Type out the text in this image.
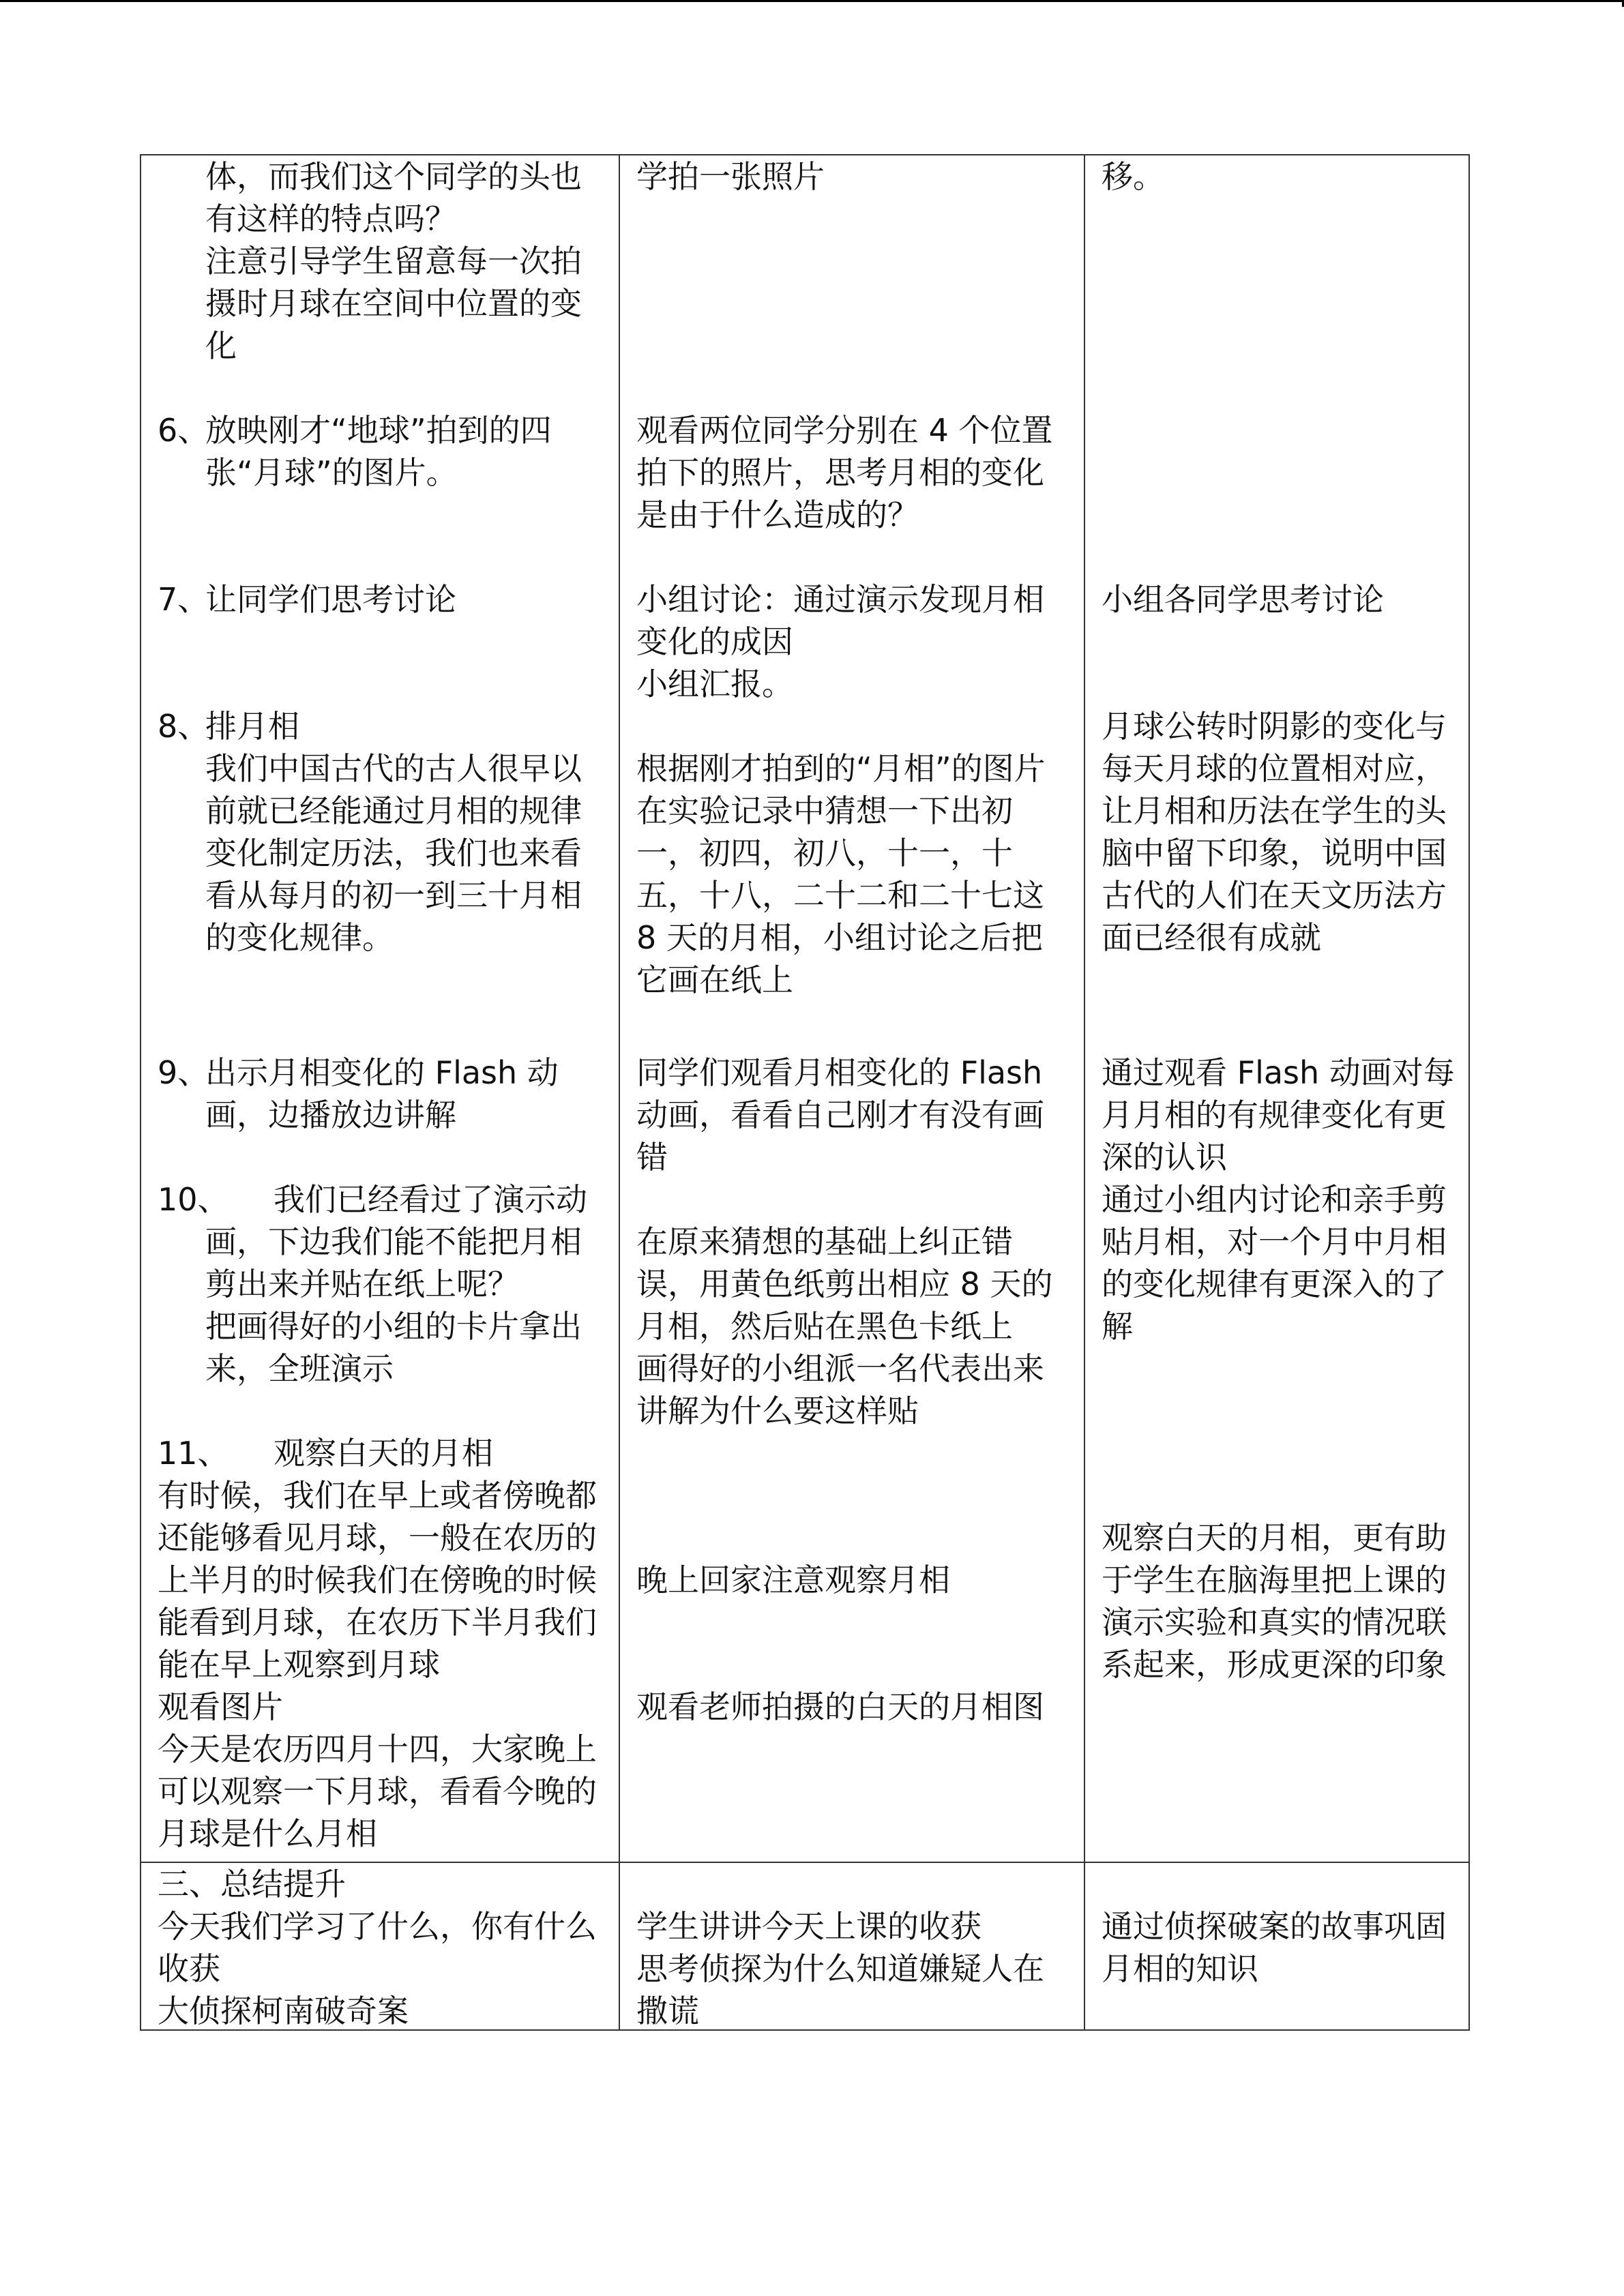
体，而我们这个同学的头也有这样的特点吗？

注意引导学生留意每一次拍摄时月球在空间中位置的变化

6、放映刚才“地球”拍到的四张“月球”的图片。
7、让同学们思考讨论

8、排月相

我们中国古代的古人很早以前就已经能通过月相的规律变化制定历法，我们也来看看从每月的初一到三十月相的变化规律。

9、出示月相变化的 Flash 动画，边播放边讲解

10、 我们已经看过了演示动画，下边我们能不能把月相剪出来并贴在纸上呢？

把画得好的小组的卡片拿出来，全班演示

11、 观察白天的月相

有时候，我们在早上或者傍晚都还能够看见月球，一般在农历的上半月的时候我们在傍晚的时候能看到月球，在农历下半月我们能在早上观察到月球

观看图片

今天是农历四月十四，大家晚上可以观察一下月球，看看今晚的月球是什么月相

学拍一张照片
观看两位同学分别在 4 个位置拍下的照片，思考月相的变化是由于什么造成的？

小组讨论：通过演示发现月相变化的成因

小组汇报。

根据刚才拍到的“月相”的图片在实验记录中猜想一下出初一，初四，初八，十一，十五，十八，二十二和二十七这 8 天的月相，小组讨论之后把它画在纸上
同学们观看月相变化的 Flash 动画，看看自己刚才有没有画错

在原来猜想的基础上纠正错误，用黄色纸剪出相应 8 天的月相，然后贴在黑色卡纸上

画得好的小组派一名代表出来讲解为什么要这样贴

晚上回家注意观察月相
观看老师拍摄的白天的月相图
移。
小组各同学思考讨论
月球公转时阴影的变化与每天月球的位置相对应，让月相和历法在学生的头脑中留下印象，说明中国古代的人们在天文历法方面已经很有成就
通过观看 Flash 动画对每月月相的有规律变化有更深的认识
通过小组内讨论和亲手剪贴月相，对一个月中月相的变化规律有更深入的了解
观察白天的月相，更有助于学生在脑海里把上课的演示实验和真实的情况联系起来，形成更深的印象

三、总结提升

今天我们学习了什么，你有什么收获

大侦探柯南破奇案

学生讲讲今天上课的收获

思考侦探为什么知道嫌疑人在撒谎

通过侦探破案的故事巩固月相的知识
